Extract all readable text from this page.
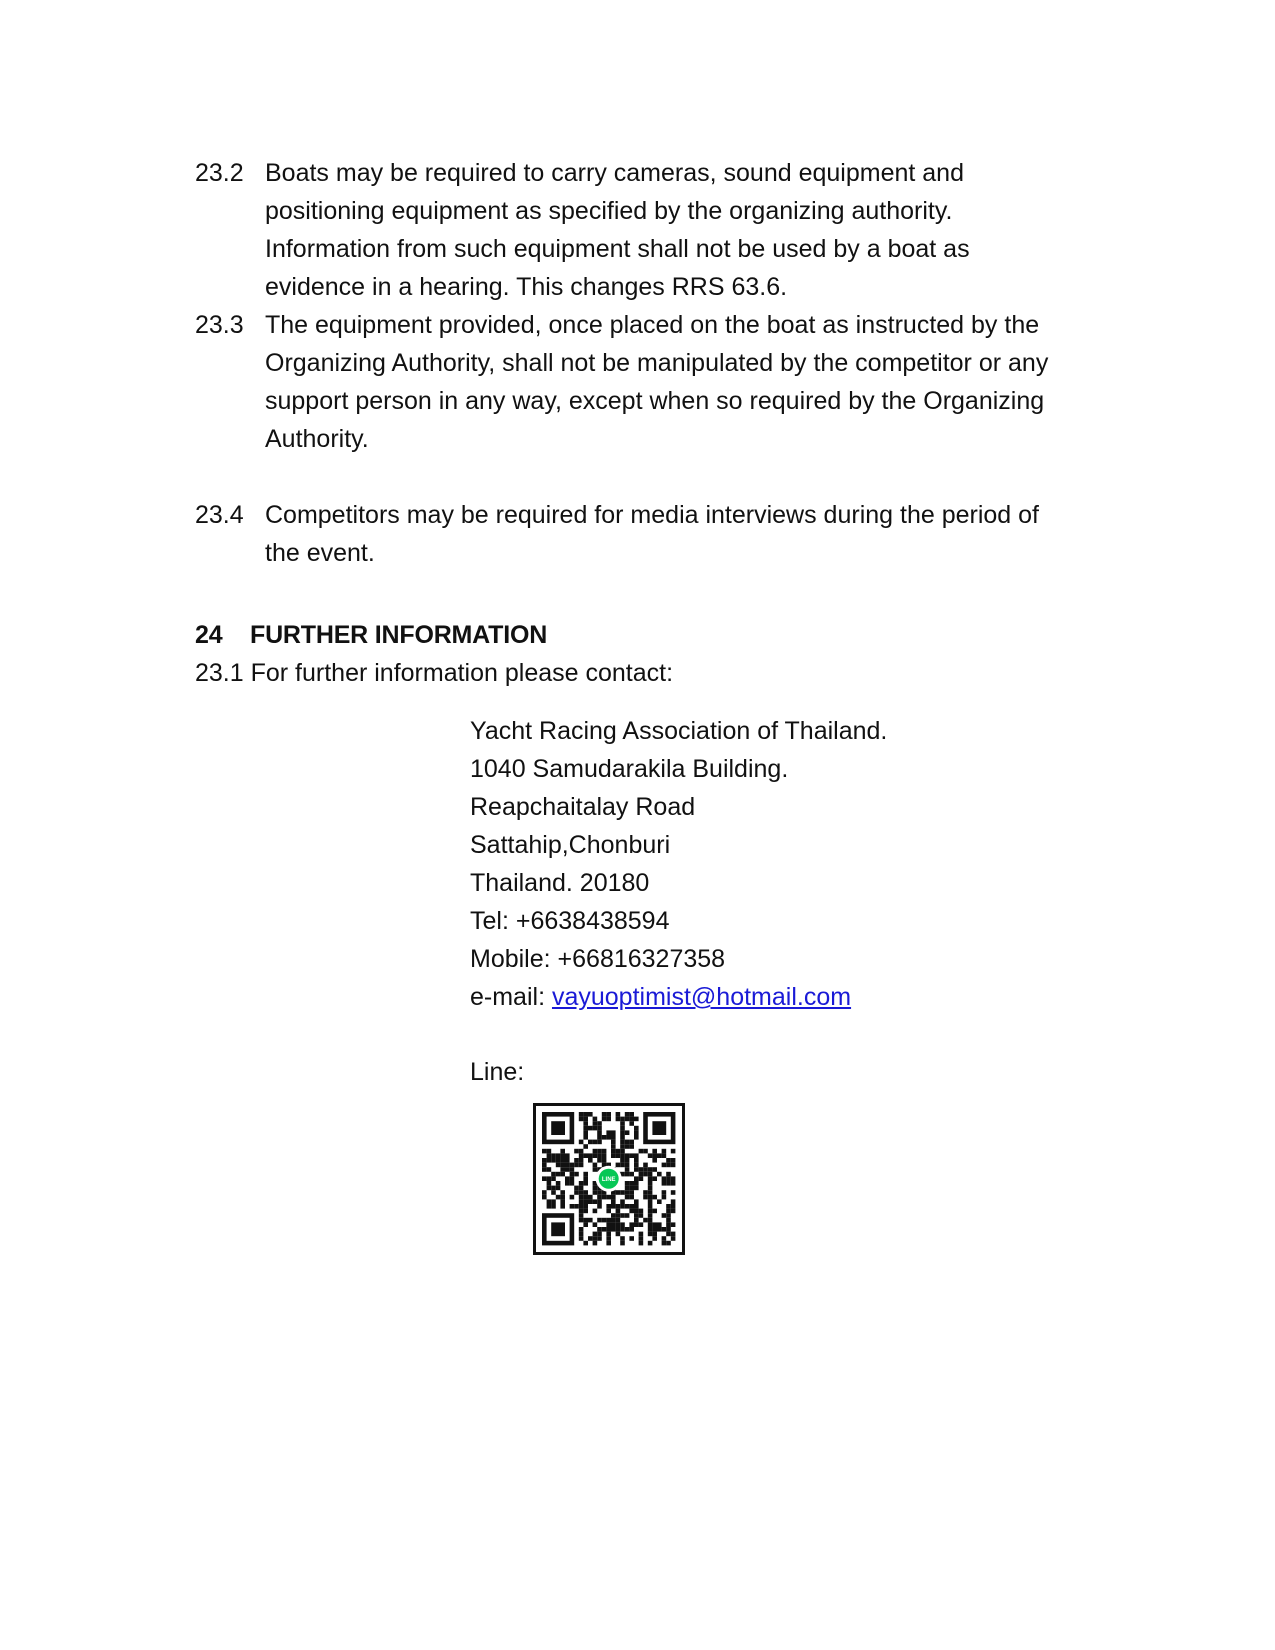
23.2 Boats may be required to carry cameras, sound equipment and positioning equipment as specified by the organizing authority. Information from such equipment shall not be used by a boat as evidence in a hearing. This changes RRS 63.6.
23.3 The equipment provided, once placed on the boat as instructed by the Organizing Authority, shall not be manipulated by the competitor or any support person in any way, except when so required by the Organizing Authority.
23.4 Competitors may be required for media interviews during the period of the event.
24 FURTHER INFORMATION
23.1 For further information please contact:
Yacht Racing Association of Thailand.
1040 Samudarakila Building.
Reapchaitalay Road
Sattahip,Chonburi
Thailand. 20180
Tel: +6638438594
Mobile: +66816327358
e-mail: vayuoptimist@hotmail.com
Line:
LINE
